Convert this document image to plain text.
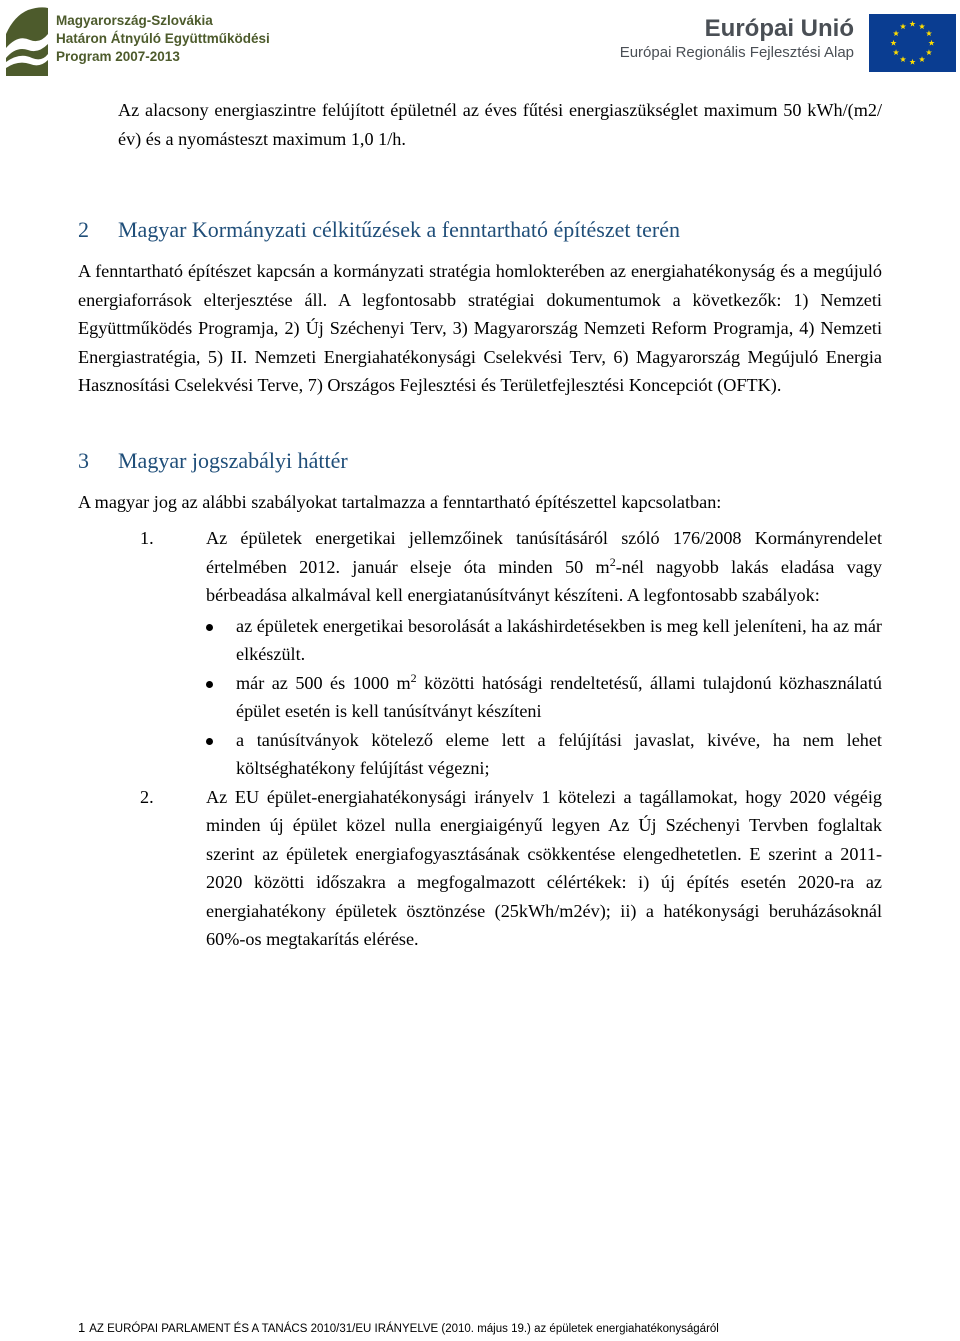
Magyarország-Szlovákia
Határon Átnyúló Együttműködési
Program 2007-2013
Európai Unió
Európai Regionális Fejlesztési Alap

Az alacsony energiaszintre felújított épületnél az éves fűtési energiaszükséglet maximum 50 kWh/(m2/év) és a nyomásteszt maximum 1,0 1/h.

2 Magyar Kormányzati célkitűzések a fenntartható építészet terén

A fenntartható építészet kapcsán a kormányzati stratégia homlokterében az energiahatékonyság és a megújuló energiaforrások elterjesztése áll. A legfontosabb stratégiai dokumentumok a következők: 1) Nemzeti Együttműködés Programja, 2) Új Széchenyi Terv, 3) Magyarország Nemzeti Reform Programja, 4) Nemzeti Energiastratégia, 5) II. Nemzeti Energiahatékonysági Cselekvési Terv, 6) Magyarország Megújuló Energia Hasznosítási Cselekvési Terve, 7) Országos Fejlesztési és Területfejlesztési Koncepciót (OFTK).

3 Magyar jogszabályi háttér

A magyar jog az alábbi szabályokat tartalmazza a fenntartható építészettel kapcsolatban:

1.	Az épületek energetikai jellemzőinek tanúsításáról szóló 176/2008 Kormányrendelet értelmében 2012. január elseje óta minden 50 $m^2$-nél nagyobb lakás eladása vagy bérbeadása alkalmával kell energiatanúsítványt készíteni. A legfontosabb szabályok:

az épületek energetikai besorolását a lakáshirdetésekben is meg kell jeleníteni, ha az már elkészült.

már az 500 és 1000 $m^2$ közötti hatósági rendeltetésű, állami tulajdonú közhasználatú épület esetén is kell tanúsítványt készíteni

a tanúsítványok kötelező eleme lett a felújítási javaslat, kivéve, ha nem lehet költséghatékony felújítást végezni;

2.	Az EU épület-energiahatékonysági irányelv 1 kötelezi a tagállamokat, hogy 2020 végéig minden új épület közel nulla energiaigényű legyen Az Új Széchenyi Tervben foglaltak szerint az épületek energiafogyasztásának csökkentése elengedhetetlen. E szerint a 2011-2020 közötti időszakra a megfogalmazott célértékek: i) új építés esetén 2020-ra az energiahatékony épületek ösztönzése (25kWh/m2év); ii) a hatékonysági beruházásoknál 60%-os megtakarítás elérése.

1 AZ EURÓPAI PARLAMENT ÉS A TANÁCS 2010/31/EU IRÁNYELVE (2010. május 19.) az épületek energiahatékonyságáról
